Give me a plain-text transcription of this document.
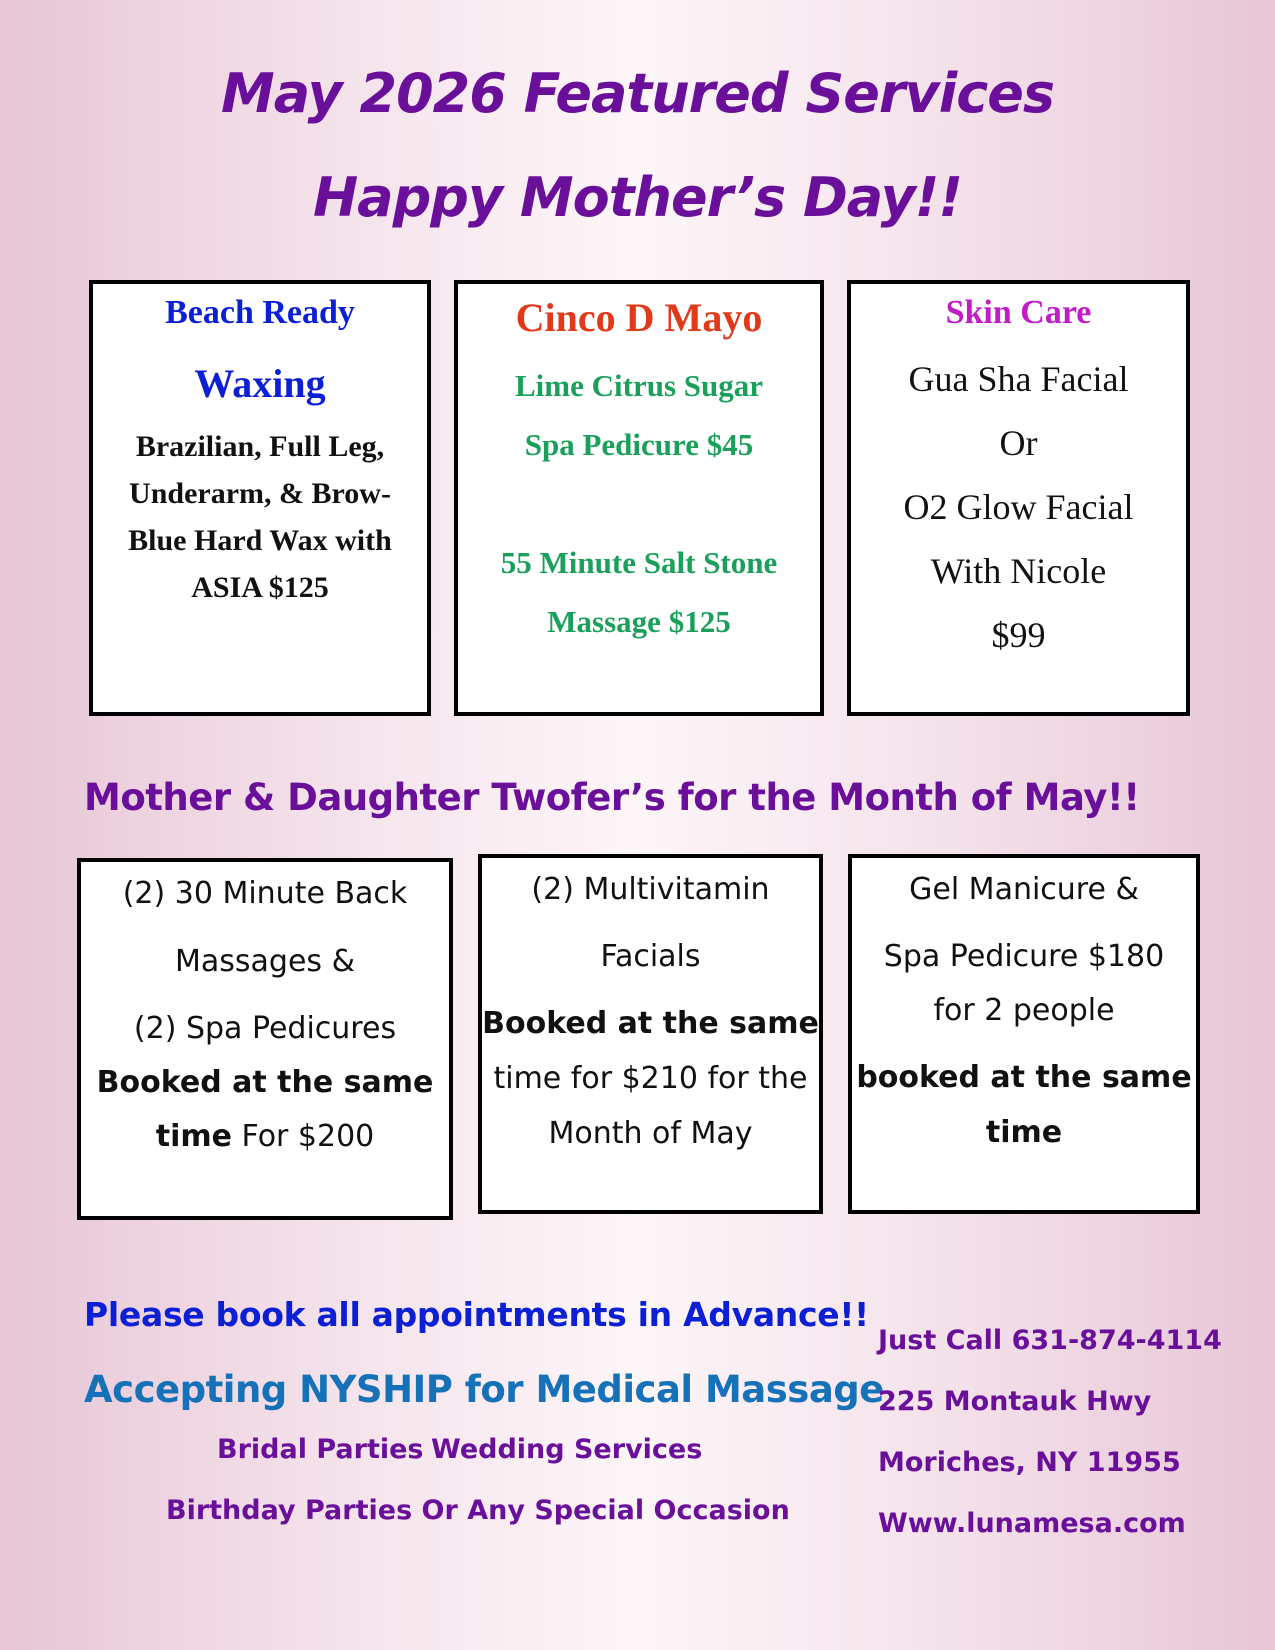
May 2026 Featured Services
Happy Mother’s Day!!
Beach Ready
Waxing
Brazilian, Full Leg,
Underarm, & Brow-
Blue Hard Wax with
ASIA $125
Cinco D Mayo
Lime Citrus Sugar
Spa Pedicure $45
55 Minute Salt Stone
Massage $125
Skin Care
Gua Sha Facial
Or
O2 Glow Facial
With Nicole
$99
Mother & Daughter Twofer’s for the Month of May!!
(2) 30 Minute Back
Massages &
(2) Spa Pedicures
Booked at the same
time For $200
(2) Multivitamin
Facials
Booked at the same
time for $210 for the
Month of May
Gel Manicure &
Spa Pedicure $180
for 2 people
booked at the same
time
Please book all appointments in Advance!!
Accepting NYSHIP for Medical Massage
Bridal Parties Wedding Services
Birthday Parties Or Any Special Occasion
Just Call 631-874-4114
225 Montauk Hwy
Moriches, NY 11955
Www.lunamesa.com
